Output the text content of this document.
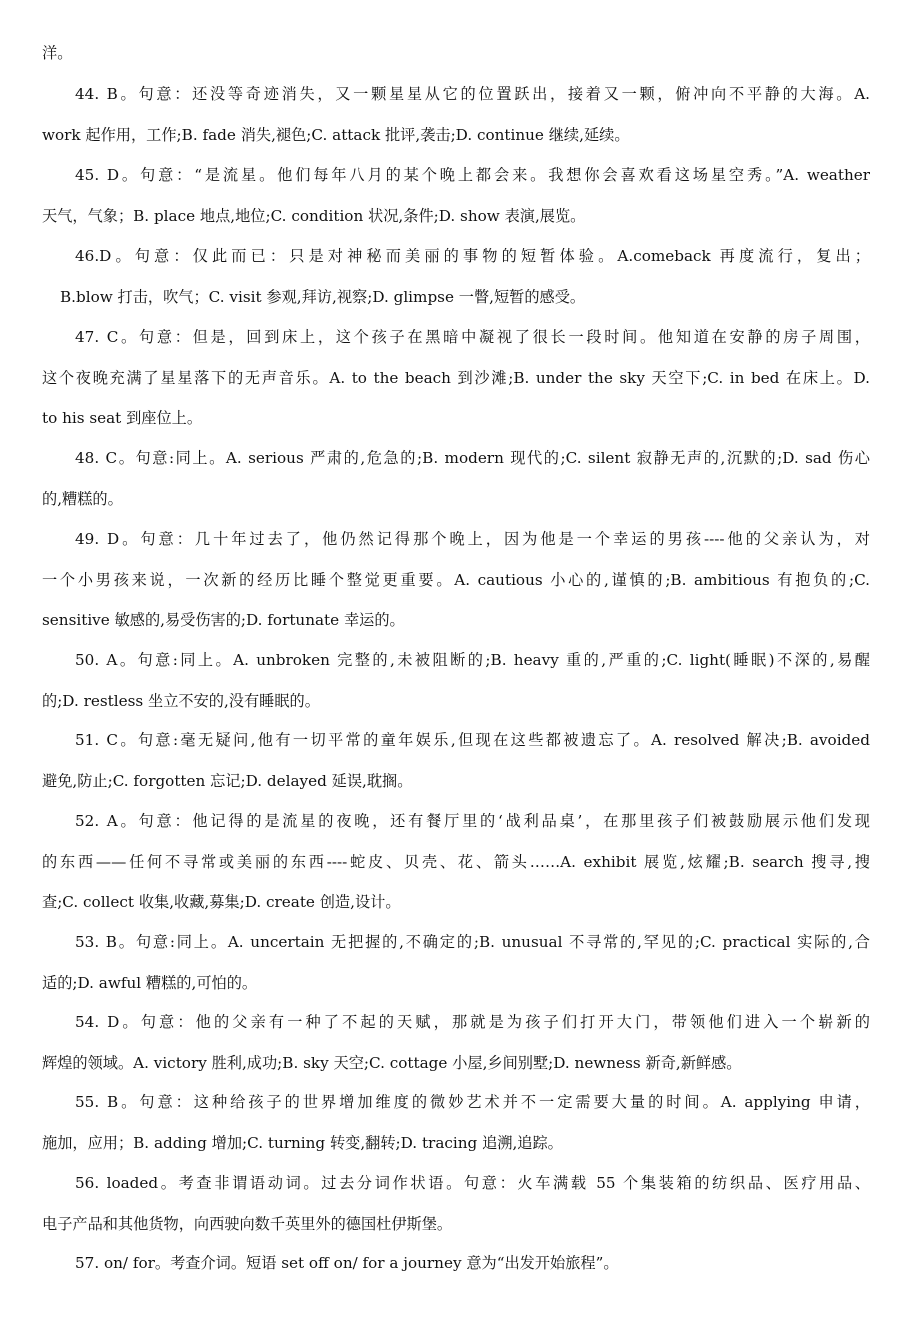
洋。
44. B。句意：还没等奇迹消失，又一颗星星从它的位置跃出，接着又一颗，俯冲向不平静的大海。A.
work 起作用，工作;B. fade 消失,褪色;C. attack 批评,袭击;D. continue 继续,延续。
45. D。句意：“是流星。他们每年八月的某个晚上都会来。我想你会喜欢看这场星空秀。”A. weather
天气，气象；B. place 地点,地位;C. condition 状况,条件;D. show 表演,展览。
46.D。句意：仅此而已：只是对神秘而美丽的事物的短暂体验。A.comeback 再度流行，复出；
B.blow 打击，吹气；C. visit 参观,拜访,视察;D. glimpse 一瞥,短暂的感受。
47. C。句意：但是，回到床上，这个孩子在黑暗中凝视了很长一段时间。他知道在安静的房子周围，
这个夜晚充满了星星落下的无声音乐。A. to the beach 到沙滩;B. under the sky 天空下;C. in bed 在床上。D.
to his seat 到座位上。
48. C。句意:同上。A. serious 严肃的,危急的;B. modern 现代的;C. silent 寂静无声的,沉默的;D. sad 伤心
的,糟糕的。
49. D。句意：几十年过去了，他仍然记得那个晚上，因为他是一个幸运的男孩----他的父亲认为，对
一个小男孩来说，一次新的经历比睡个整觉更重要。A. cautious 小心的,谨慎的;B. ambitious 有抱负的;C.
sensitive 敏感的,易受伤害的;D. fortunate 幸运的。
50. A。句意:同上。A. unbroken 完整的,未被阻断的;B. heavy 重的,严重的;C. light(睡眠)不深的,易醒
的;D. restless 坐立不安的,没有睡眠的。
51. C。句意:毫无疑问,他有一切平常的童年娱乐,但现在这些都被遗忘了。A. resolved 解决;B. avoided
避免,防止;C. forgotten 忘记;D. delayed 延误,耽搁。
52. A。句意：他记得的是流星的夜晚，还有餐厅里的‘战利品桌’，在那里孩子们被鼓励展示他们发现
的东西——任何不寻常或美丽的东西----蛇皮、贝壳、花、箭头……A. exhibit 展览,炫耀;B. search 搜寻,搜
查;C. collect 收集,收藏,募集;D. create 创造,设计。
53. B。句意:同上。A. uncertain 无把握的,不确定的;B. unusual 不寻常的,罕见的;C. practical 实际的,合
适的;D. awful 糟糕的,可怕的。
54. D。句意：他的父亲有一种了不起的天赋，那就是为孩子们打开大门，带领他们进入一个崭新的
辉煌的领域。A. victory 胜利,成功;B. sky 天空;C. cottage 小屋,乡间别墅;D. newness 新奇,新鲜感。
55. B。句意：这种给孩子的世界增加维度的微妙艺术并不一定需要大量的时间。A. applying 申请，
施加，应用；B. adding 增加;C. turning 转变,翻转;D. tracing 追溯,追踪。
56. loaded。考查非谓语动词。过去分词作状语。句意：火车满载 55 个集装箱的纺织品、医疗用品、
电子产品和其他货物，向西驶向数千英里外的德国杜伊斯堡。
57. on/ for。考查介词。短语 set off on/ for a journey 意为“出发开始旅程”。
